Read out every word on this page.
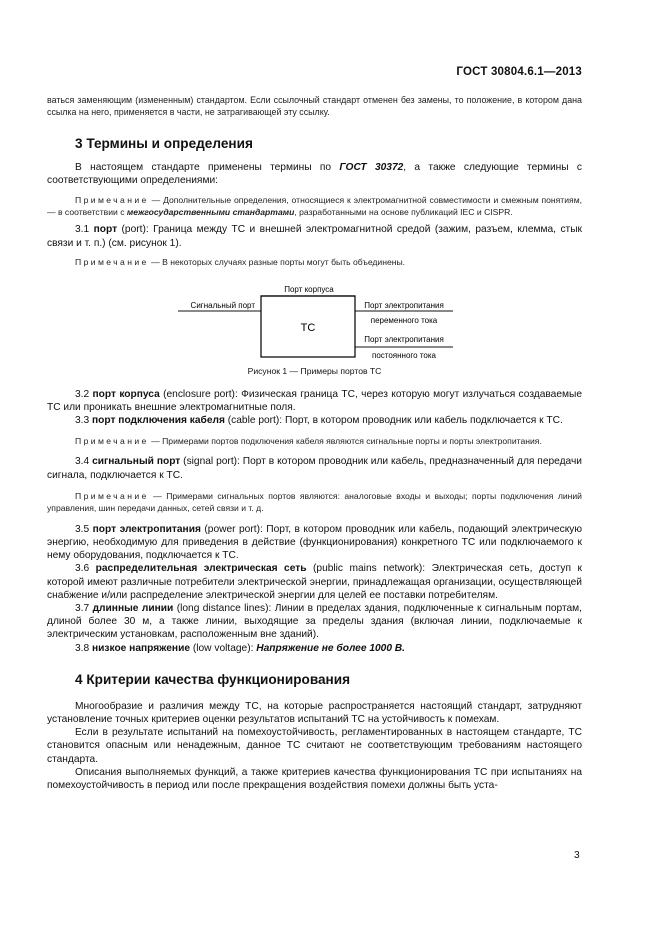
ГОСТ 30804.6.1—2013

ваться заменяющим (измененным) стандартом. Если ссылочный стандарт отменен без замены, то положение, в котором дана ссылка на него, применяется в части, не затрагивающей эту ссылку.

3 Термины и определения

В настоящем стандарте применены термины по ГОСТ 30372, а также следующие термины с соответствующими определениями:

Примечание — Дополнительные определения, относящиеся к электромагнитной совместимости и смежным понятиям, — в соответствии с межгосударственными стандартами, разработанными на основе публикаций IEC и CISPR.

3.1 порт (port): Граница между ТС и внешней электромагнитной средой (зажим, разъем, клемма, стык связи и т. п.) (см. рисунок 1).

Примечание — В некоторых случаях разные порты могут быть объединены.

Порт корпуса
Сигнальный порт
ТС
Порт электропитания
переменного тока
Порт электропитания
постоянного тока
Рисунок 1 — Примеры портов ТС

3.2 порт корпуса (enclosure port): Физическая граница ТС, через которую могут излучаться создаваемые ТС или проникать внешние электромагнитные поля.

3.3 порт подключения кабеля (cable port): Порт, в котором проводник или кабель подключается к ТС.

Примечание — Примерами портов подключения кабеля являются сигнальные порты и порты электропитания.

3.4 сигнальный порт (signal port): Порт в котором проводник или кабель, предназначенный для передачи сигнала, подключается к ТС.

Примечание — Примерами сигнальных портов являются: аналоговые входы и выходы; порты подключения линий управления, шин передачи данных, сетей связи и т. д.

3.5 порт электропитания (power port): Порт, в котором проводник или кабель, подающий электрическую энергию, необходимую для приведения в действие (функционирования) конкретного ТС или подключаемого к нему оборудования, подключается к ТС.

3.6 распределительная электрическая сеть (public mains network): Электрическая сеть, доступ к которой имеют различные потребители электрической энергии, принадлежащая организации, осуществляющей снабжение и/или распределение электрической энергии для целей ее поставки потребителям.

3.7 длинные линии (long distance lines): Линии в пределах здания, подключенные к сигнальным портам, длиной более 30 м, а также линии, выходящие за пределы здания (включая линии, подключаемые к электрическим установкам, расположенным вне зданий).

3.8 низкое напряжение (low voltage): Напряжение не более 1000 В.

4 Критерии качества функционирования

Многообразие и различия между ТС, на которые распространяется настоящий стандарт, затрудняют установление точных критериев оценки результатов испытаний ТС на устойчивость к помехам.

Если в результате испытаний на помехоустойчивость, регламентированных в настоящем стандарте, ТС становится опасным или ненадежным, данное ТС считают не соответствующим требованиям настоящего стандарта.

Описания выполняемых функций, а также критериев качества функционирования ТС при испытаниях на помехоустойчивость в период или после прекращения воздействия помехи должны быть уста-

3
